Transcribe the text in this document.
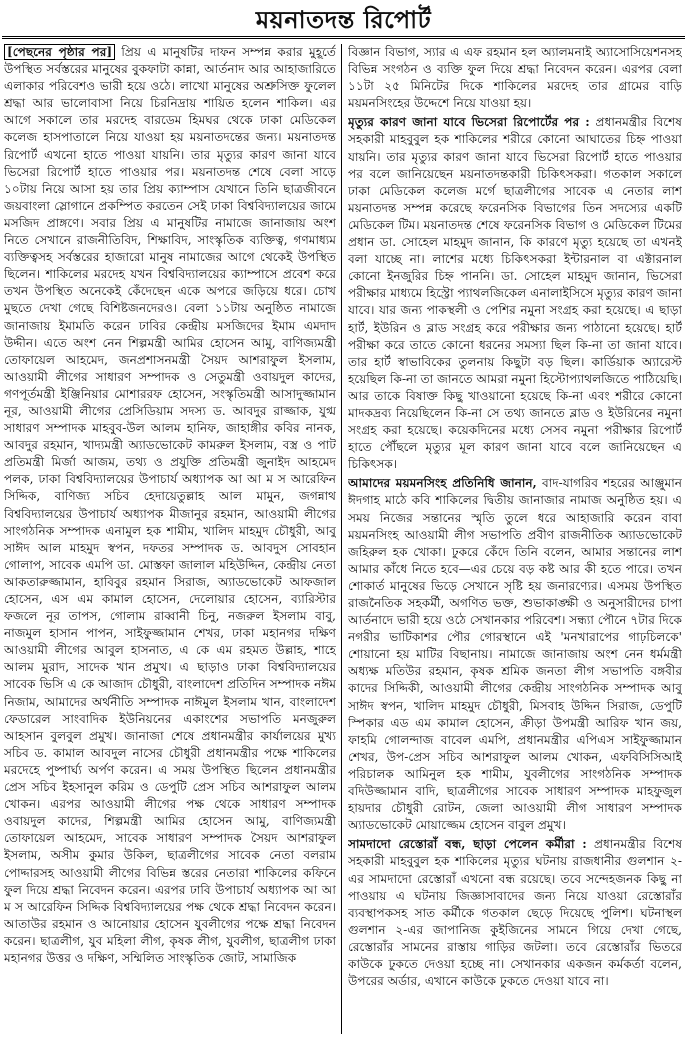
ময়নাতদন্ত রিপোর্ট

[পেছনের পৃষ্ঠার পর] প্রিয় এ মানুষটির দাফন সম্পন্ন করার মুহূর্তে উপস্থিত সর্বস্তরের মানুষের বুকফাটা কান্না, আর্তনাদ আর আহাজারিতে এলাকার পরিবেশও ভারী হয়ে ওঠে। লাখো মানুষের অশ্রুসিক্ত ফুলেল শ্রদ্ধা আর ভালোবাসা নিয়ে চিরনিদ্রায় শায়িত হলেন শাকিল। এর আগে সকালে তার মরদেহ বারডেম হিমঘর থেকে ঢাকা মেডিকেল কলেজ হাসপাতালে নিয়ে যাওয়া হয় ময়নাতদন্তের জন্য। ময়নাতদন্ত রিপোর্ট এখনো হাতে পাওয়া যায়নি। তার মৃত্যুর কারণ জানা যাবে ভিসেরা রিপোর্ট হাতে পাওয়ার পর। ময়নাতদন্ত শেষে বেলা সাড়ে ১০টায় নিয়ে আসা হয় তার প্রিয় ক্যাম্পাস যেখানে তিনি ছাত্রজীবনে জয়বাংলা স্লোগানে প্রকম্পিত করতেন সেই ঢাকা বিশ্ববিদ্যালয়ের জামে মসজিদ প্রাঙ্গণে। সবার প্রিয় এ মানুষটির নামাজে জানাজায় অংশ নিতে সেখানে রাজনীতিবিদ, শিক্ষাবিদ, সাংস্কৃতিক ব্যক্তিত্ব, গণমাধ্যম ব্যক্তিত্বসহ সর্বস্তরের হাজারো মানুষ নামাজের আগে থেকেই উপস্থিত ছিলেন। শাকিলের মরদেহ যখন বিশ্ববিদ্যালয়ের ক্যাম্পাসে প্রবেশ করে তখন উপস্থিত অনেকেই কেঁদেছেন একে অপরে জড়িয়ে ধরে। চোখ মুছতে দেখা গেছে বিশিষ্টজনদেরও। বেলা ১১টায় অনুষ্ঠিত নামাজে জানাজায় ইমামতি করেন ঢাবির কেন্দ্রীয় মসজিদের ইমাম এমদাদ উদ্দীন। এতে অংশ নেন শিল্পমন্ত্রী আমির হোসেন আমু, বাণিজ্যমন্ত্রী তোফায়েল আহমেদ, জনপ্রশাসনমন্ত্রী সৈয়দ আশরাফুল ইসলাম, আওয়ামী লীগের সাধারণ সম্পাদক ও সেতুমন্ত্রী ওবায়দুল কাদের, গণপূর্তমন্ত্রী ইঞ্জিনিয়ার মোশাররফ হোসেন, সংস্কৃতিমন্ত্রী আসাদুজ্জামান নূর, আওয়ামী লীগের প্রেসিডিয়াম সদস্য ড. আবদুর রাজ্জাক, যুগ্ম সাধারণ সম্পাদক মাহবুব-উল আলম হানিফ, জাহাঙ্গীর কবির নানক, আবদুর রহমান, খাদ্যমন্ত্রী অ্যাডভোকেট কামরুল ইসলাম, বস্ত্র ও পাট প্রতিমন্ত্রী মির্জা আজম, তথ্য ও প্রযুক্তি প্রতিমন্ত্রী জুনাইদ আহমেদ পলক, ঢাকা বিশ্ববিদ্যালয়ের উপাচার্য অধ্যাপক আ আ ম স আরেফিন সিদ্দিক, বাণিজ্য সচিব হেদায়েতুল্লাহ আল মামুন, জগন্নাথ বিশ্ববিদ্যালয়ের উপাচার্য অধ্যাপক মীজানুর রহমান, আওয়ামী লীগের সাংগঠনিক সম্পাদক এনামুল হক শামীম, খালিদ মাহমুদ চৌধুরী, আবু সাঈদ আল মাহমুদ স্বপন, দফতর সম্পাদক ড. আবদুস সোবহান গোলাপ, সাবেক এমপি ডা. মোস্তফা জালাল মহিউদ্দিন, কেন্দ্রীয় নেতা আকতারুজ্জামান, হাবিবুর রহমান সিরাজ, অ্যাডভোকেট আফজাল হোসেন, এস এম কামাল হোসেন, দেলোয়ার হোসেন, ব্যারিস্টার ফজলে নূর তাপস, গোলাম রাব্বানী চিনু, নজরুল ইসলাম বাবু, নাজমুল হাসান পাপন, সাইফুজ্জামান শেখর, ঢাকা মহানগর দক্ষিণ আওয়ামী লীগের আবুল হাসনাত, এ কে এম রহমত উল্লাহ, শাহে আলম মুরাদ, সাদেক খান প্রমুখ। এ ছাড়াও ঢাকা বিশ্ববিদ্যালয়ের সাবেক ভিসি এ কে আজাদ চৌধুরী, বাংলাদেশ প্রতিদিন সম্পাদক নঈম নিজাম, আমাদের অর্থনীতি সম্পাদক নাঈমুল ইসলাম খান, বাংলাদেশ ফেডারেল সাংবাদিক ইউনিয়নের একাংশের সভাপতি মনজুরুল আহসান বুলবুল প্রমুখ। জানাজা শেষে প্রধানমন্ত্রীর কার্যালয়ের মুখ্য সচিব ড. কামাল আবদুল নাসের চৌধুরী প্রধানমন্ত্রীর পক্ষে শাকিলের মরদেহে পুষ্পার্ঘ্য অর্পণ করেন। এ সময় উপস্থিত ছিলেন প্রধানমন্ত্রীর প্রেস সচিব ইহসানুল করিম ও ডেপুটি প্রেস সচিব আশরাফুল আলম খোকন। এরপর আওয়ামী লীগের পক্ষ থেকে সাধারণ সম্পাদক ওবায়দুল কাদের, শিল্পমন্ত্রী আমির হোসেন আমু, বাণিজ্যমন্ত্রী তোফায়েল আহমেদ, সাবেক সাধারণ সম্পাদক সৈয়দ আশরাফুল ইসলাম, অসীম কুমার উকিল, ছাত্রলীগের সাবেক নেতা বলরাম পোদ্দারসহ আওয়ামী লীগের বিভিন্ন স্তরের নেতারা শাকিলের কফিনে ফুল দিয়ে শ্রদ্ধা নিবেদন করেন। এরপর ঢাবি উপাচার্য অধ্যাপক আ আ ম স আরেফিন সিদ্দিক বিশ্ববিদ্যালয়ের পক্ষ থেকে শ্রদ্ধা নিবেদন করেন। আতাউর রহমান ও আনোয়ার হোসেন যুবলীগের পক্ষে শ্রদ্ধা নিবেদন করেন। ছাত্রলীগ, যুব মহিলা লীগ, কৃষক লীগ, যুবলীগ, ছাত্রলীগ ঢাকা মহানগর উত্তর ও দক্ষিণ, সম্মিলিত সাংস্কৃতিক জোট, সামাজিক

বিজ্ঞান বিভাগ, স্যার এ এফ রহমান হল অ্যালমনাই অ্যাসোসিয়েশনসহ বিভিন্ন সংগঠন ও ব্যক্তি ফুল দিয়ে শ্রদ্ধা নিবেদন করেন। এরপর বেলা ১১টা ২৫ মিনিটের দিকে শাকিলের মরদেহ তার গ্রামের বাড়ি ময়মনসিংহের উদ্দেশে নিয়ে যাওয়া হয়।

মৃত্যুর কারণ জানা যাবে ভিসেরা রিপোর্টের পর : প্রধানমন্ত্রীর বিশেষ সহকারী মাহবুবুল হক শাকিলের শরীরে কোনো আঘাতের চিহ্ন পাওয়া যায়নি। তার মৃত্যুর কারণ জানা যাবে ভিসেরা রিপোর্ট হাতে পাওয়ার পর বলে জানিয়েছেন ময়নাতদন্তকারী চিকিৎসকরা। গতকাল সকালে ঢাকা মেডিকেল কলেজ মর্গে ছাত্রলীগের সাবেক এ নেতার লাশ ময়নাতদন্ত সম্পন্ন করেছে ফরেনসিক বিভাগের তিন সদস্যের একটি মেডিকেল টিম। ময়নাতদন্ত শেষে ফরেনসিক বিভাগ ও মেডিকেল টিমের প্রধান ডা. সোহেল মাহমুদ জানান, কি কারণে মৃত্যু হয়েছে তা এখনই বলা যাচ্ছে না। লাশের মধ্যে চিকিৎসকরা ইন্টারনাল বা এক্টারনাল কোনো ইনজুরির চিহ্ন পাননি। ডা. সোহেল মাহমুদ জানান, ভিসেরা পরীক্ষার মাধ্যমে হিস্ট্রো প্যাথলজিকেল এনালাইসিসে মৃত্যুর কারণ জানা যাবে। যার জন্য পাকস্থলী ও পেশির নমুনা সংগ্রহ করা হয়েছে। এ ছাড়া হার্ট, ইউরিন ও ব্লাড সংগ্রহ করে পরীক্ষার জন্য পাঠানো হয়েছে। হার্ট পরীক্ষা করে তাতে কোনো ধরনের সমস্যা ছিল কি-না তা জানা যাবে। তার হার্ট স্বাভাবিকের তুলনায় কিছুটা বড় ছিল। কার্ডিয়াক অ্যারেস্ট হয়েছিল কি-না তা জানতে আমরা নমুনা হিস্টোপ্যাথলজিতে পাঠিয়েছি। আর তাকে বিষাক্ত কিছু খাওয়ানো হয়েছে কি-না এবং শরীরে কোনো মাদকদ্রব্য নিয়েছিলেন কি-না সে তথ্য জানতে ব্লাড ও ইউরিনের নমুনা সংগ্রহ করা হয়েছে। কয়েকদিনের মধ্যে সেসব নমুনা পরীক্ষার রিপোর্ট হাতে পৌঁছলে মৃত্যুর মূল কারণ জানা যাবে বলে জানিয়েছেন এ চিকিৎসক।

আমাদের ময়মনসিংহ প্রতিনিধি জানান, বাদ-যাগরিব শহরের আঞ্জুমান ঈদগাহ মাঠে কবি শাকিলের দ্বিতীয় জানাজার নামাজ অনুষ্ঠিত হয়। এ সময় নিজের সন্তানের স্মৃতি তুলে ধরে আহাজারি করেন বাবা ময়মনসিংহ আওয়ামী লীগ সভাপতি প্রবীণ রাজনীতিক অ্যাডভোকেট জহিরুল হক খোকা। ঢুকরে কেঁদে তিনি বলেন, আমার সন্তানের লাশ আমার কাঁধে নিতে হবে—এর চেয়ে বড় কষ্ট আর কী হতে পারে। তখন শোকার্ত মানুষের ভিড়ে সেখানে সৃষ্টি হয় জনারণ্যের। এসময় উপস্থিত রাজনৈতিক সহকর্মী, অগণিত ভক্ত, শুভাকাঙ্ক্ষী ও অনুসারীদের চাপা আর্তনাদে ভারী হয়ে ওঠে সেখানকার পরিবেশ। সন্ধ্যা পৌনে ৭টার দিকে নগরীর ভাটিকাশর পৌর গোরস্থানে এই 'মনখারাপের গাঢ়চিলকে' শোয়ানো হয় মাটির বিছানায়। নামাজে জানাজায় অংশ নেন ধর্মমন্ত্রী অধ্যক্ষ মতিউর রহমান, কৃষক শ্রমিক জনতা লীগ সভাপতি বঙ্গবীর কাদের সিদ্দিকী, আওয়ামী লীগের কেন্দ্রীয় সাংগঠনিক সম্পাদক আবু সাঈদ স্বপন, খালিদ মাহমুদ চৌধুরী, মিসবাহ উদ্দিন সিরাজ, ডেপুটি স্পিকার এড এম কামাল হোসেন, ক্রীড়া উপমন্ত্রী আরিফ খান জয়, ফাহমি গোলন্দাজ বাবেল এমপি, প্রধানমন্ত্রীর এপিএস সাইফুজ্জামান শেখর, উপ-প্রেস সচিব আশরাফুল আলম খোকন, এফবিসিসিআই পরিচালক আমিনুল হক শামীম, যুবলীগের সাংগঠনিক সম্পাদক বদিউজ্জামান বাদি, ছাত্রলীগের সাবেক সাধারণ সম্পাদক মাহফুজুল হায়দার চৌধুরী রোটন, জেলা আওয়ামী লীগ সাধারণ সম্পাদক অ্যাডভোকেট মোয়াজ্জেম হোসেন বাবুল প্রমুখ।

সামদাদো রেস্তোরাঁ বন্ধ, ছাড়া পেলেন কর্মীরা : প্রধানমন্ত্রীর বিশেষ সহকারী মাহবুবুল হক শাকিলের মৃত্যুর ঘটনায় রাজধানীর গুলশান ২-এর সামদাদো রেস্তোরাঁ এখনো বন্ধ রয়েছে। তবে সন্দেহজনক কিছু না পাওয়ায় এ ঘটনায় জিজ্ঞাসাবাদের জন্য নিয়ে যাওয়া রেস্তোরাঁর ব্যবস্থাপকসহ সাত কর্মীকে গতকাল ছেড়ে দিয়েছে পুলিশ। ঘটনাস্থল গুলশান ২-এর জাপানিজ কুইজিনের সামনে গিয়ে দেখা গেছে, রেস্তোরাঁর সামনের রাস্তায় গাড়ির জটলা। তবে রেস্তোরাঁর ভিতরে কাউকে ঢুকতে দেওয়া হচ্ছে না। সেখানকার একজন কর্মকর্তা বলেন, উপরের অর্ডার, এখানে কাউকে ঢুকতে দেওয়া যাবে না।
